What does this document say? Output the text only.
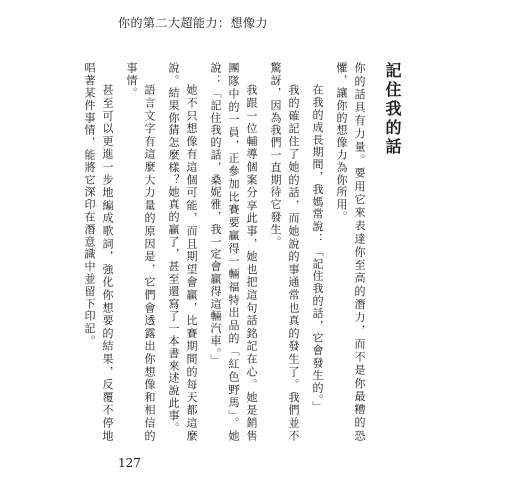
你的第二大超能力：想像力
記住我的話
你的話具有力量。要用它來表達你至高的潛力，而不是你最糟的恐懼，讓你的想像力為你所用。
在我的成長期間，我媽常說：「記住我的話，它會發生的。」
我的確記住了她的話，而她說的事通常也真的發生了。我們並不驚訝，因為我們一直期待它發生。
我跟一位輔導個案分享此事，她也把這句話銘記在心。她是銷售團隊中的一員，正參加比賽要贏得一輛福特出品的「紅色野馬」。她說：「記住我的話，桑妮雅，我一定會贏得這輛汽車。」
她不只想像有這個可能，而且期望會贏，比賽期間的每天都這麼說。結果你猜怎麼樣？她真的贏了，甚至還寫了一本書來述說此事。
語言文字有這麼大力量的原因是，它們會透露出你想像和相信的事情。
甚至可以更進一步地編成歌詞，強化你想要的結果，反覆不停地唱著某件事情，能將它深印在潛意識中並留下印記。
127
